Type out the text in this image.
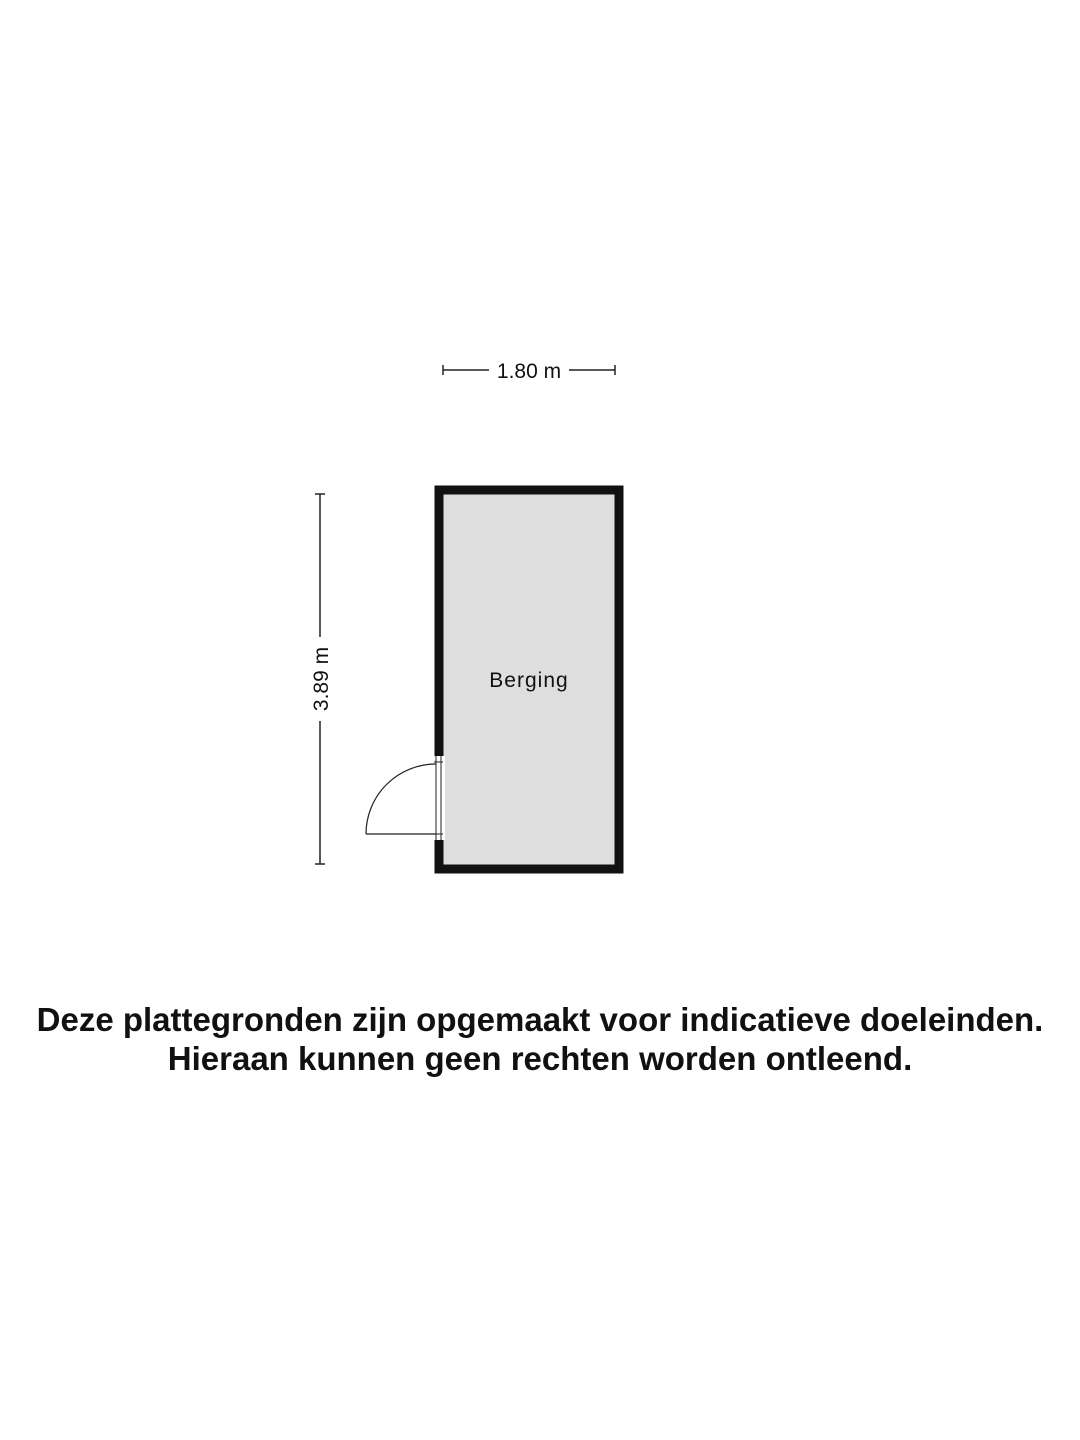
1.80 m
3.89 m	Berging
Deze plattegronden zijn opgemaakt voor indicatieve doeleinden.
Hieraan kunnen geen rechten worden ontleend.
